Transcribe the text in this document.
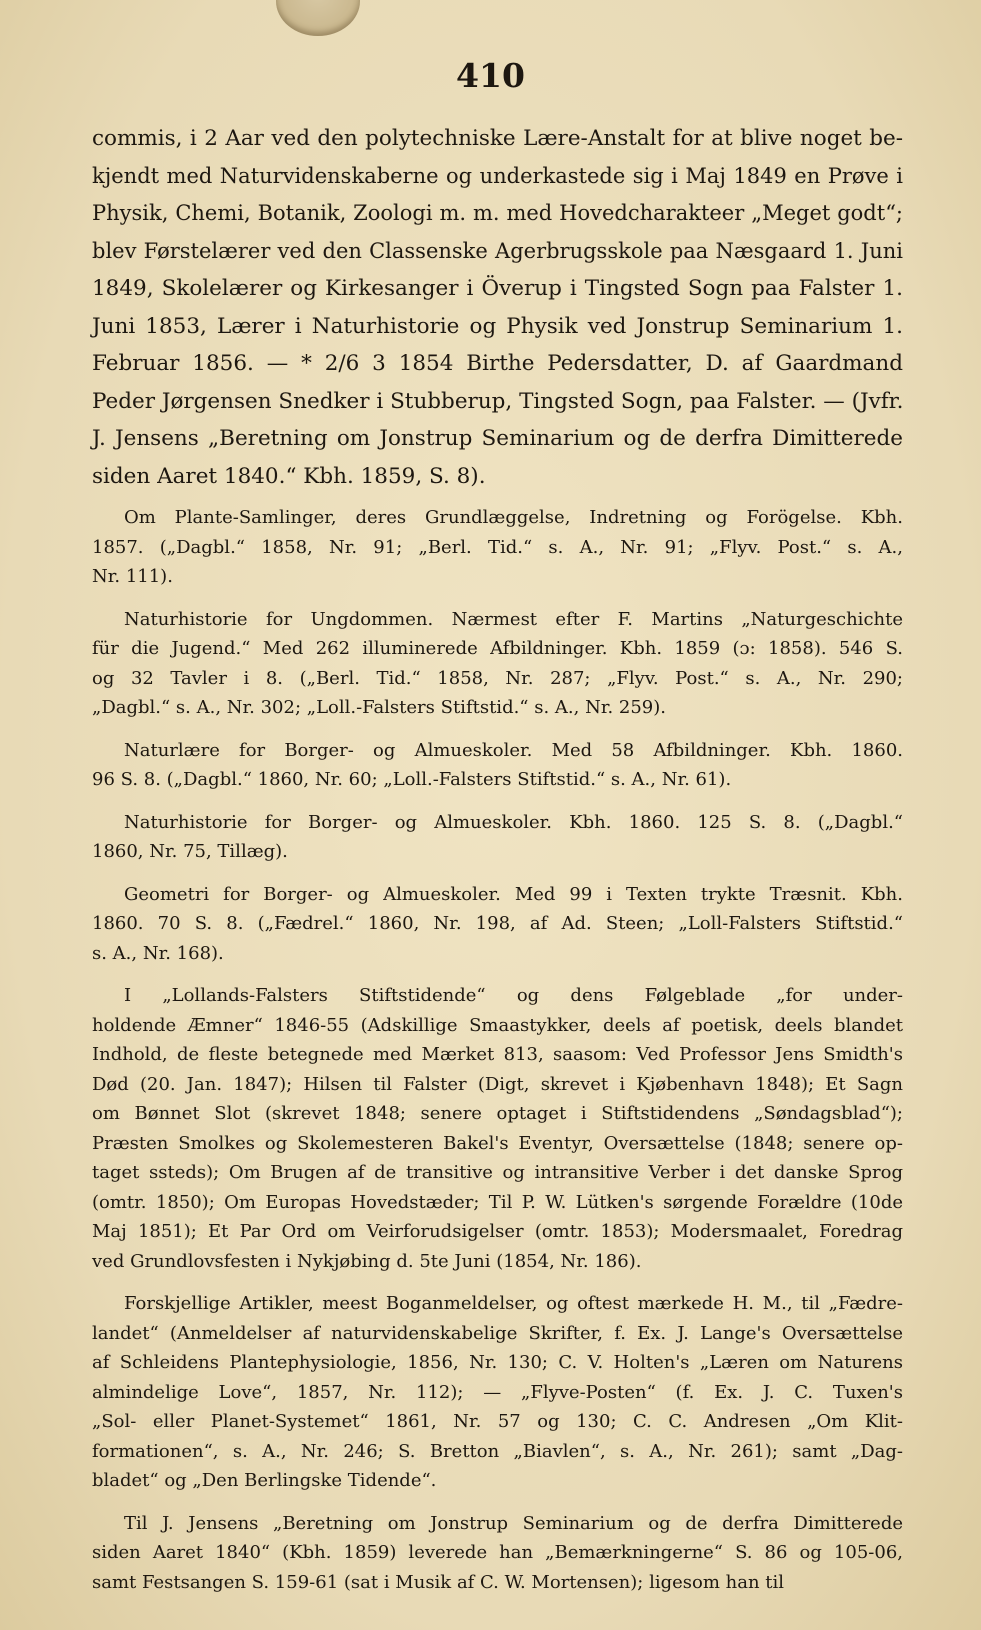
410

commis, i 2 Aar ved den polytechniske Lære-Anstalt for at blive noget be-

kjendt med Naturvidenskaberne og underkastede sig i Maj 1849 en Prøve i

Physik, Chemi, Botanik, Zoologi m. m. med Hovedcharakteer „Meget godt“;

blev Førstelærer ved den Classenske Agerbrugsskole paa Næsgaard 1. Juni

1849, Skolelærer og Kirkesanger i Överup i Tingsted Sogn paa Falster 1.

Juni 1853, Lærer i Naturhistorie og Physik ved Jonstrup Seminarium 1.

Februar 1856. — * 2/6 3 1854 Birthe Pedersdatter, D. af Gaardmand

Peder Jørgensen Snedker i Stubberup, Tingsted Sogn, paa Falster. — (Jvfr.

J. Jensens „Beretning om Jonstrup Seminarium og de derfra Dimitterede

siden Aaret 1840.“ Kbh. 1859, S. 8).

Om Plante-Samlinger, deres Grundlæggelse, Indretning og Forögelse. Kbh.

1857. („Dagbl.“ 1858, Nr. 91; „Berl. Tid.“ s. A., Nr. 91; „Flyv. Post.“ s. A.,

Nr. 111).

Naturhistorie for Ungdommen. Nærmest efter F. Martins „Naturgeschichte

für die Jugend.“ Med 262 illuminerede Afbildninger. Kbh. 1859 (ɔ: 1858). 546 S.

og 32 Tavler i 8. („Berl. Tid.“ 1858, Nr. 287; „Flyv. Post.“ s. A., Nr. 290;

„Dagbl.“ s. A., Nr. 302; „Loll.-Falsters Stiftstid.“ s. A., Nr. 259).

Naturlære for Borger- og Almueskoler. Med 58 Afbildninger. Kbh. 1860.

96 S. 8. („Dagbl.“ 1860, Nr. 60; „Loll.-Falsters Stiftstid.“ s. A., Nr. 61).

Naturhistorie for Borger- og Almueskoler. Kbh. 1860. 125 S. 8. („Dagbl.“

1860, Nr. 75, Tillæg).

Geometri for Borger- og Almueskoler. Med 99 i Texten trykte Træsnit. Kbh.

1860. 70 S. 8. („Fædrel.“ 1860, Nr. 198, af Ad. Steen; „Loll-Falsters Stiftstid.“

s. A., Nr. 168).

I „Lollands-Falsters Stiftstidende“ og dens Følgeblade „for under-

holdende Æmner“ 1846-55 (Adskillige Smaastykker, deels af poetisk, deels blandet

Indhold, de fleste betegnede med Mærket 813, saasom: Ved Professor Jens Smidth's

Død (20. Jan. 1847); Hilsen til Falster (Digt, skrevet i Kjøbenhavn 1848); Et Sagn

om Bønnet Slot (skrevet 1848; senere optaget i Stiftstidendens „Søndagsblad“);

Præsten Smolkes og Skolemesteren Bakel's Eventyr, Oversættelse (1848; senere op-

taget ssteds); Om Brugen af de transitive og intransitive Verber i det danske Sprog

(omtr. 1850); Om Europas Hovedstæder; Til P. W. Lütken's sørgende Forældre (10de

Maj 1851); Et Par Ord om Veirforudsigelser (omtr. 1853); Modersmaalet, Foredrag

ved Grundlovsfesten i Nykjøbing d. 5te Juni (1854, Nr. 186).

Forskjellige Artikler, meest Boganmeldelser, og oftest mærkede H. M., til „Fædre-

landet“ (Anmeldelser af naturvidenskabelige Skrifter, f. Ex. J. Lange's Oversættelse

af Schleidens Plantephysiologie, 1856, Nr. 130; C. V. Holten's „Læren om Naturens

almindelige Love“, 1857, Nr. 112); — „Flyve-Posten“ (f. Ex. J. C. Tuxen's

„Sol- eller Planet-Systemet“ 1861, Nr. 57 og 130; C. C. Andresen „Om Klit-

formationen“, s. A., Nr. 246; S. Bretton „Biavlen“, s. A., Nr. 261); samt „Dag-

bladet“ og „Den Berlingske Tidende“.

Til J. Jensens „Beretning om Jonstrup Seminarium og de derfra Dimitterede

siden Aaret 1840“ (Kbh. 1859) leverede han „Bemærkningerne“ S. 86 og 105-06,

samt Festsangen S. 159-61 (sat i Musik af C. W. Mortensen); ligesom han til
